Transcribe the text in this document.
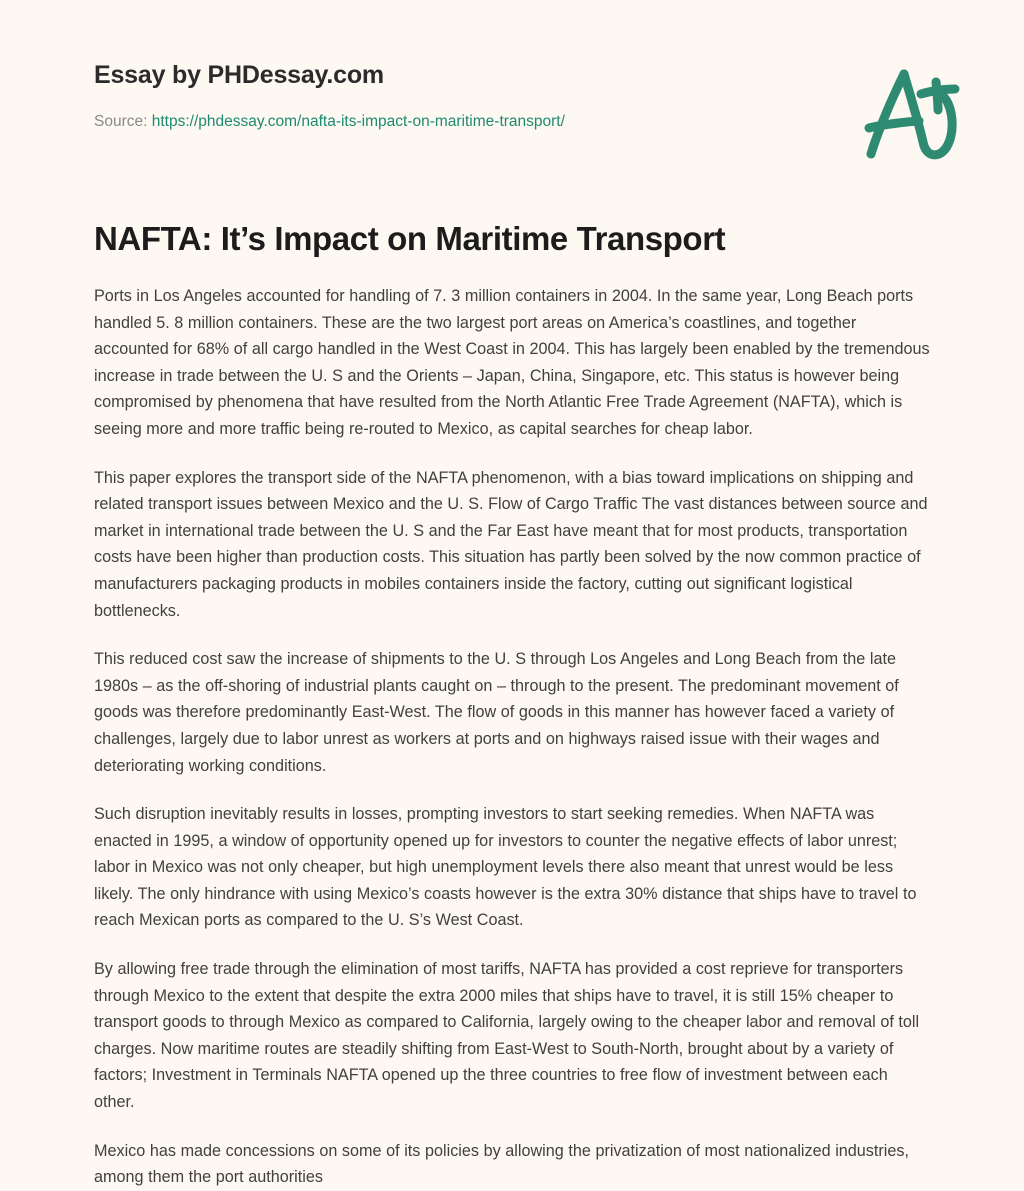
Essay by PHDessay.com
Source: https://phdessay.com/nafta-its-impact-on-maritime-transport/
NAFTA: It’s Impact on Maritime Transport

Ports in Los Angeles accounted for handling of 7. 3 million containers in 2004. In the same year, Long Beach ports handled 5. 8 million containers. These are the two largest port areas on America’s coastlines, and together accounted for 68% of all cargo handled in the West Coast in 2004. This has largely been enabled by the tremendous increase in trade between the U. S and the Orients – Japan, China, Singapore, etc. This status is however being compromised by phenomena that have resulted from the North Atlantic Free Trade Agreement (NAFTA), which is seeing more and more traffic being re-routed to Mexico, as capital searches for cheap labor.

This paper explores the transport side of the NAFTA phenomenon, with a bias toward implications on shipping and related transport issues between Mexico and the U. S. Flow of Cargo Traffic The vast distances between source and market in international trade between the U. S and the Far East have meant that for most products, transportation costs have been higher than production costs. This situation has partly been solved by the now common practice of manufacturers packaging products in mobiles containers inside the factory, cutting out significant logistical bottlenecks.

This reduced cost saw the increase of shipments to the U. S through Los Angeles and Long Beach from the late 1980s – as the off-shoring of industrial plants caught on – through to the present. The predominant movement of goods was therefore predominantly East-West. The flow of goods in this manner has however faced a variety of challenges, largely due to labor unrest as workers at ports and on highways raised issue with their wages and deteriorating working conditions.

Such disruption inevitably results in losses, prompting investors to start seeking remedies. When NAFTA was enacted in 1995, a window of opportunity opened up for investors to counter the negative effects of labor unrest; labor in Mexico was not only cheaper, but high unemployment levels there also meant that unrest would be less likely. The only hindrance with using Mexico’s coasts however is the extra 30% distance that ships have to travel to reach Mexican ports as compared to the U. S’s West Coast.

By allowing free trade through the elimination of most tariffs, NAFTA has provided a cost reprieve for transporters through Mexico to the extent that despite the extra 2000 miles that ships have to travel, it is still 15% cheaper to transport goods to through Mexico as compared to California, largely owing to the cheaper labor and removal of toll charges. Now maritime routes are steadily shifting from East-West to South-North, brought about by a variety of factors; Investment in Terminals NAFTA opened up the three countries to free flow of investment between each other.

Mexico has made concessions on some of its policies by allowing the privatization of most nationalized industries, among them the port authorities
